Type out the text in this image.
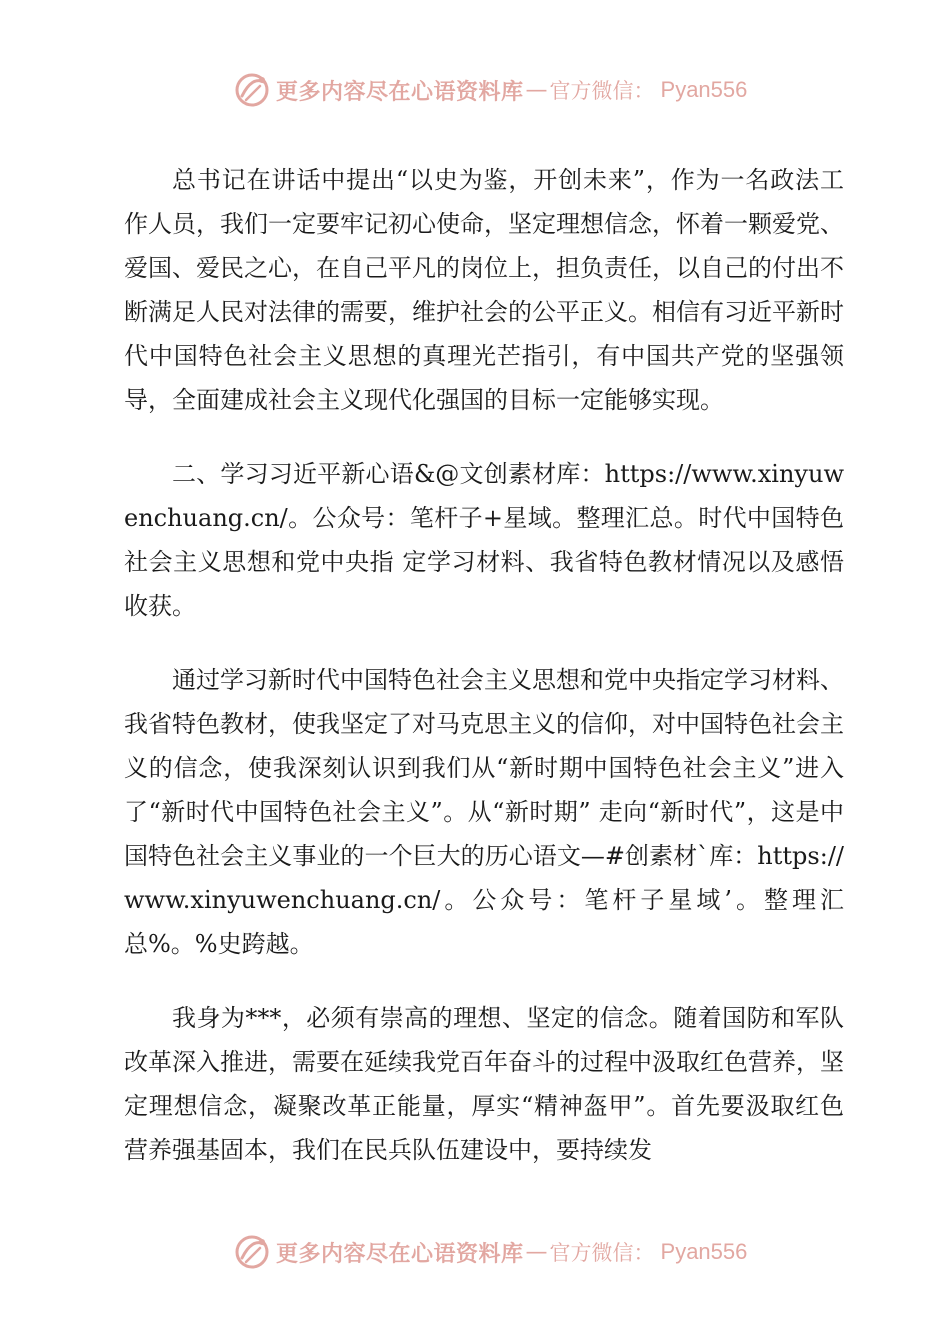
更多内容尽在心语资料库 — 官方微信： Pyan556

总书记在讲话中提出“以史为鉴，开创未来”，作为一名政法工作人员，我们一定要牢记初心使命，坚定理想信念，怀着一颗爱党、爱国、爱民之心，在自己平凡的岗位上，担负责任，以自己的付出不断满足人民对法律的需要，维护社会的公平正义。相信有习近平新时代中国特色社会主义思想的真理光芒指引，有中国共产党的坚强领导，全面建成社会主义现代化强国的目标一定能够实现。

二、学习习近平新心语&@文创素材库：https://www.xinyuwenchuang.cn/。公众号：笔杆子+星域。整理汇总。时代中国特色社会主义思想和党中央指 定学习材料、我省特色教材情况以及感悟收获。

通过学习新时代中国特色社会主义思想和党中央指定学习材料、我省特色教材，使我坚定了对马克思主义的信仰，对中国特色社会主义的信念，使我深刻认识到我们从“新时期中国特色社会主义”进入了“新时代中国特色社会主义”。从“新时期” 走向“新时代”，这是中国特色社会主义事业的一个巨大的历心语文—#创素材`库：https://www.xinyuwenchuang.cn/。公众号：笔杆子星域’。整理汇总%。%史跨越。

我身为***，必须有崇高的理想、坚定的信念。随着国防和军队改革深入推进，需要在延续我党百年奋斗的过程中汲取红色营养，坚定理想信念，凝聚改革正能量，厚实“精神盔甲”。首先要汲取红色营养强基固本，我们在民兵队伍建设中，要持续发

更多内容尽在心语资料库 — 官方微信： Pyan556
